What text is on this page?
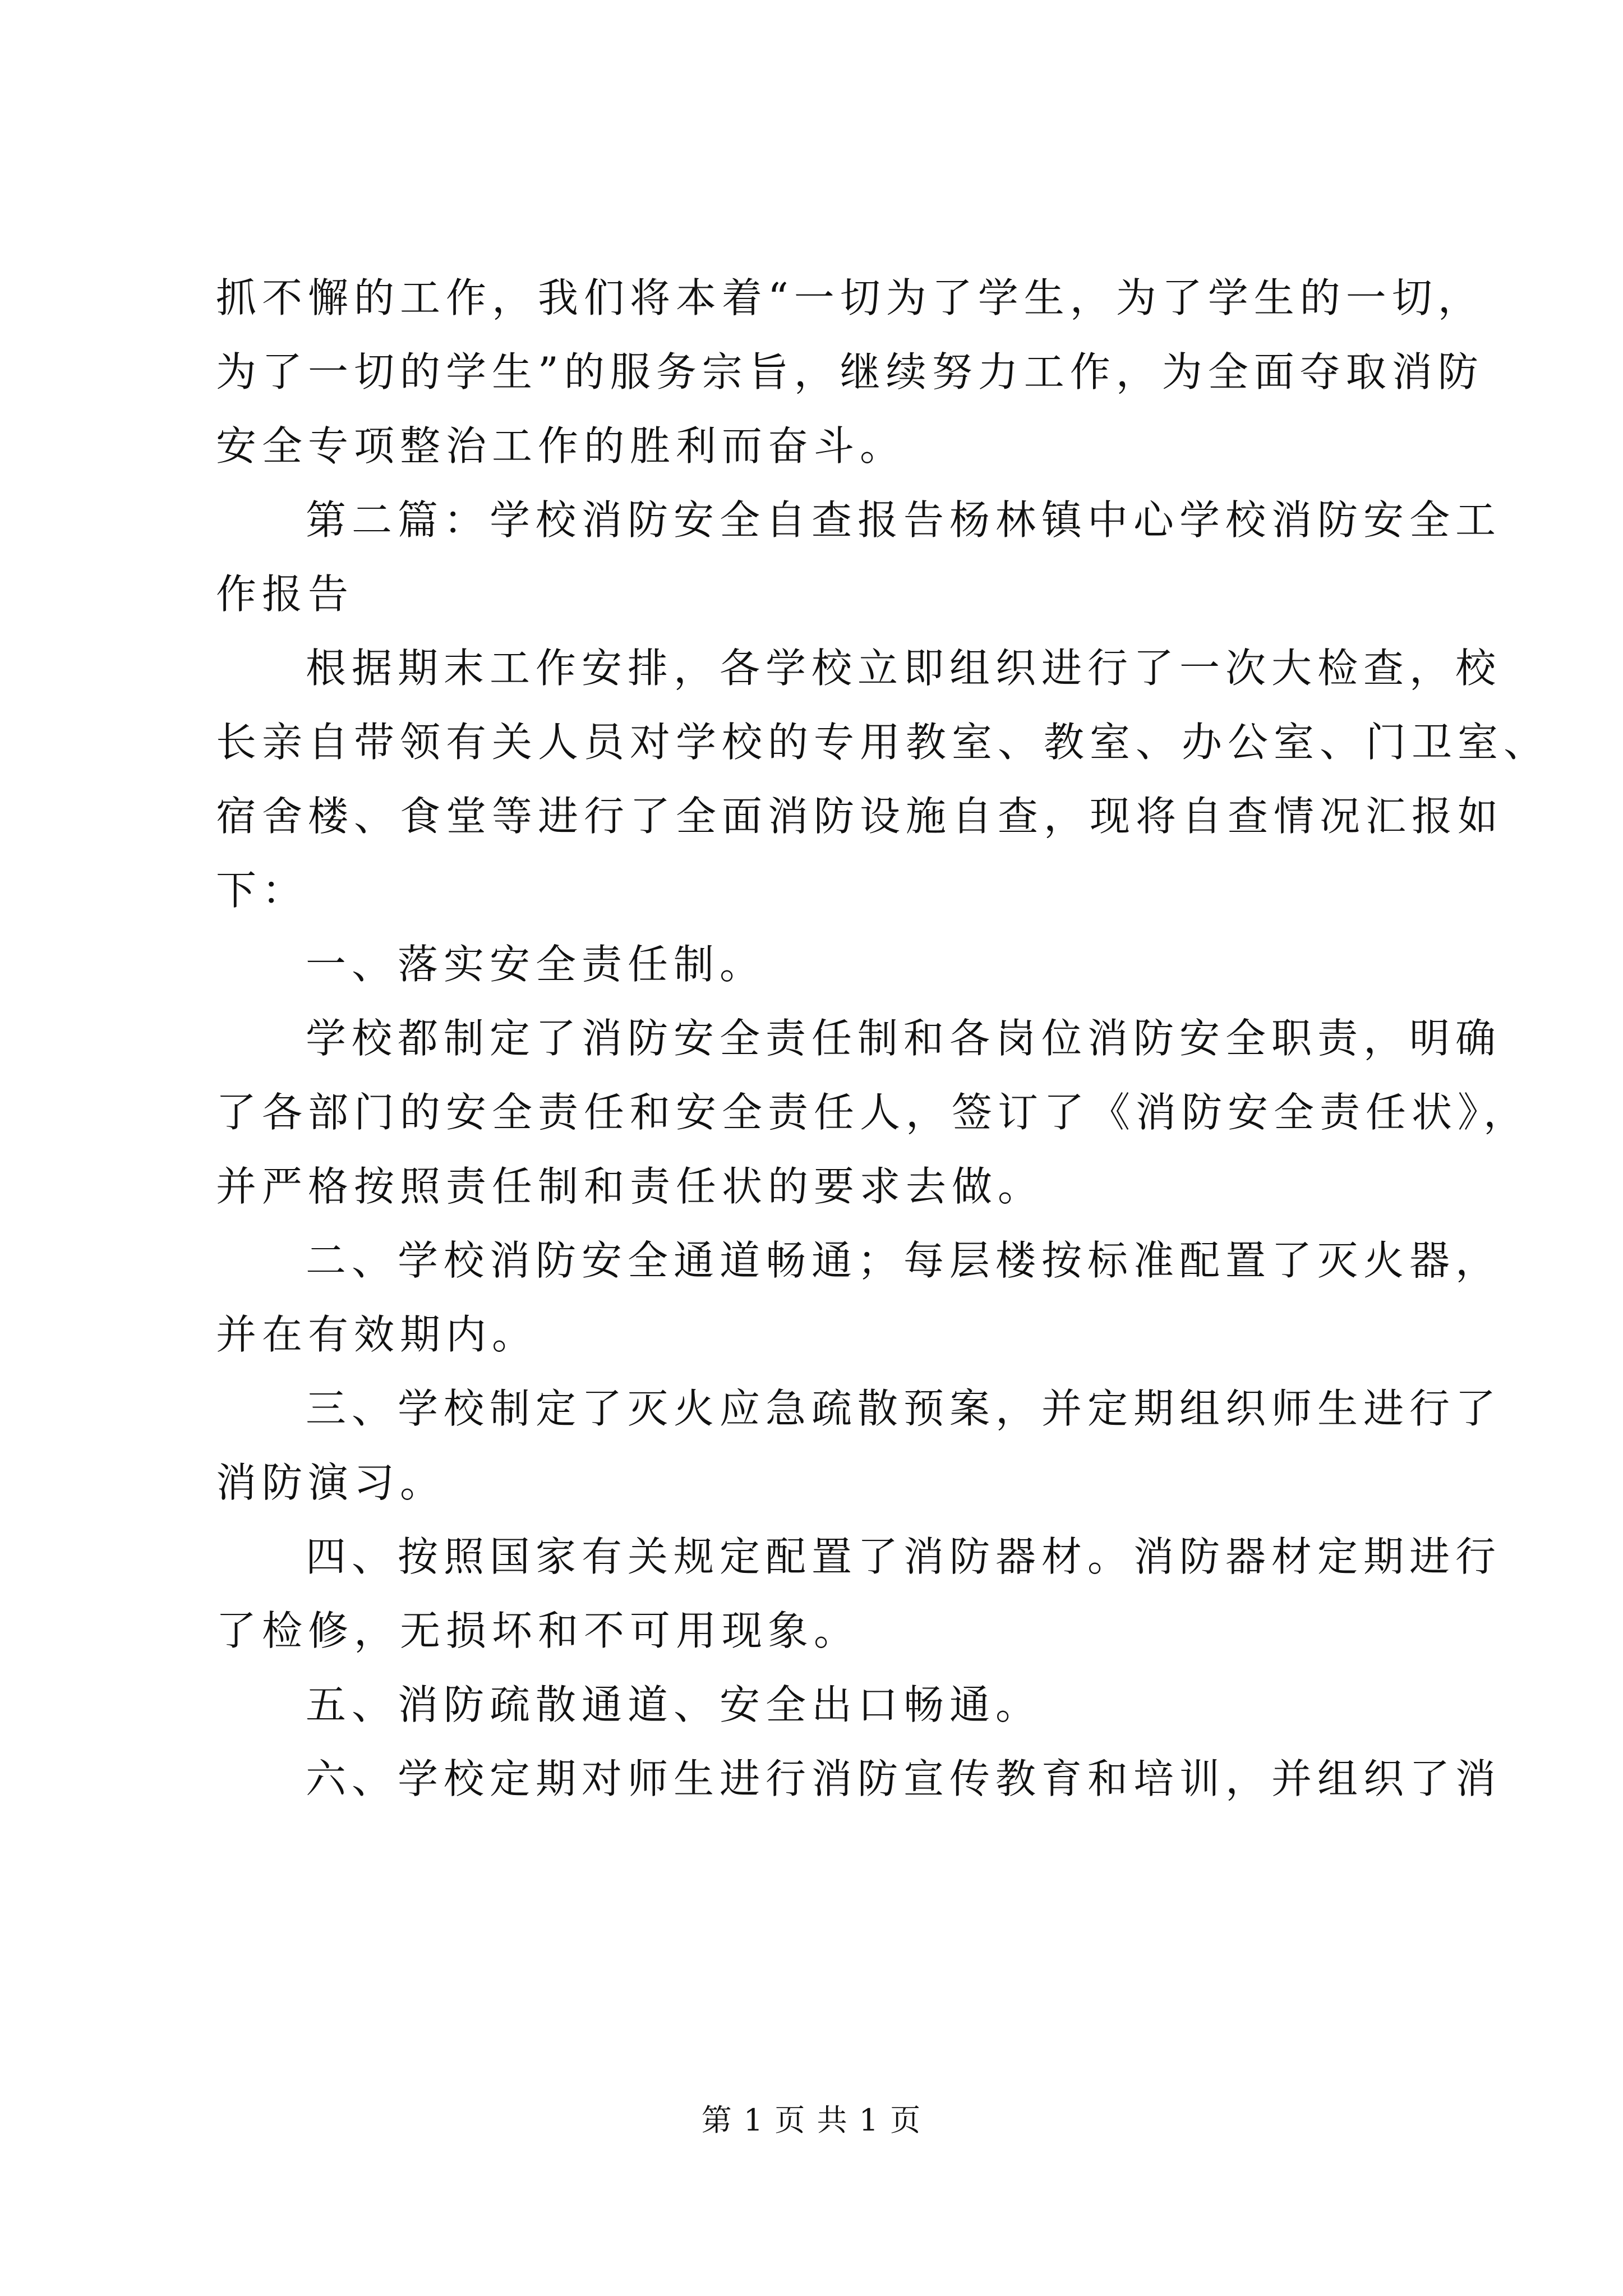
抓不懈的工作，我们将本着“一切为了学生，为了学生的一切，
为了一切的学生”的服务宗旨，继续努力工作，为全面夺取消防
安全专项整治工作的胜利而奋斗。
第二篇：学校消防安全自查报告杨林镇中心学校消防安全工
作报告
根据期末工作安排，各学校立即组织进行了一次大检查，校
长亲自带领有关人员对学校的专用教室、教室、办公室、门卫室、
宿舍楼、食堂等进行了全面消防设施自查，现将自查情况汇报如
下：
一、落实安全责任制。
学校都制定了消防安全责任制和各岗位消防安全职责，明确
了各部门的安全责任和安全责任人，签订了《消防安全责任状》，
并严格按照责任制和责任状的要求去做。
二、学校消防安全通道畅通；每层楼按标准配置了灭火器，
并在有效期内。
三、学校制定了灭火应急疏散预案，并定期组织师生进行了
消防演习。
四、按照国家有关规定配置了消防器材。消防器材定期进行
了检修，无损坏和不可用现象。
五、消防疏散通道、安全出口畅通。
六、学校定期对师生进行消防宣传教育和培训，并组织了消
第 1 页 共 1 页
